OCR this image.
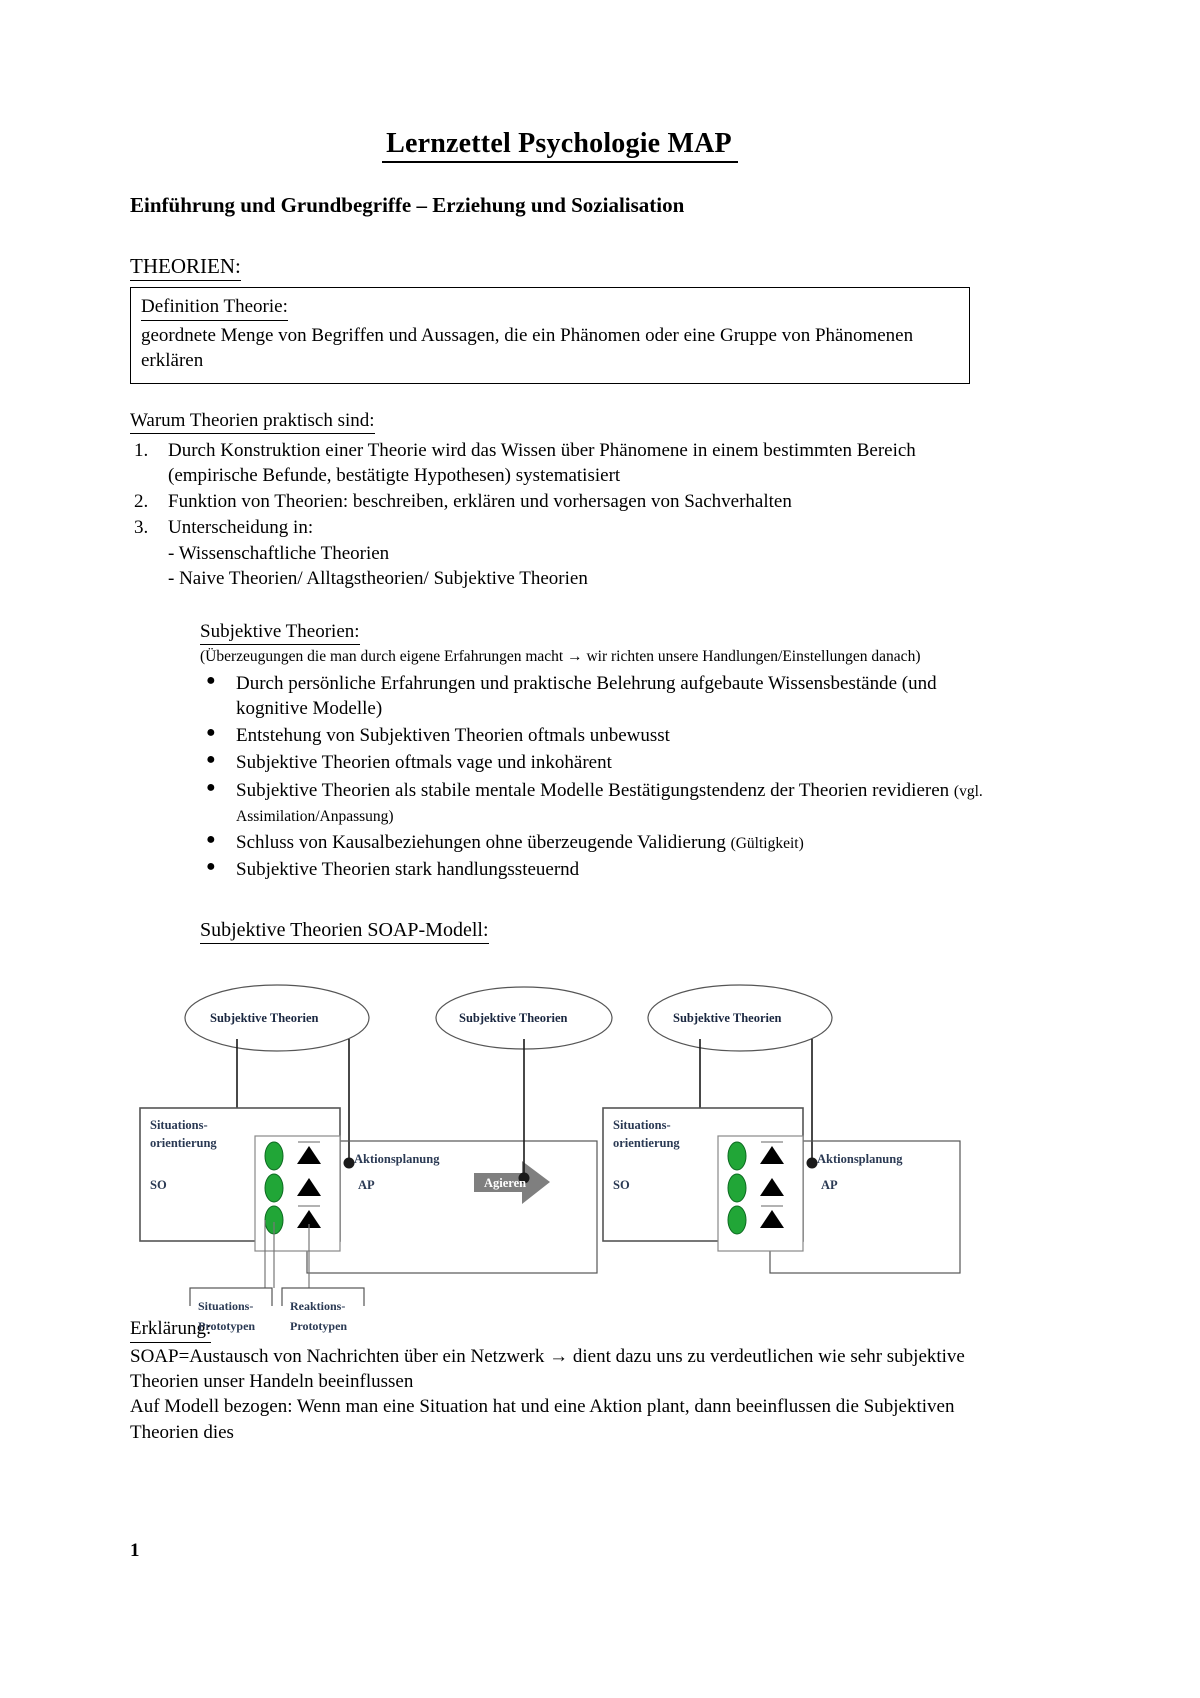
Lernzettel Psychologie MAP
Einführung und Grundbegriffe – Erziehung und Sozialisation
THEORIEN:
Definition Theorie:
geordnete Menge von Begriffen und Aussagen, die ein Phänomen oder eine Gruppe von Phänomenen erklären
Warum Theorien praktisch sind:
1. Durch Konstruktion einer Theorie wird das Wissen über Phänomene in einem bestimmten Bereich (empirische Befunde, bestätigte Hypothesen) systematisiert
2. Funktion von Theorien: beschreiben, erklären und vorhersagen von Sachverhalten
3. Unterscheidung in:
- Wissenschaftliche Theorien
- Naive Theorien/ Alltagstheorien/ Subjektive Theorien
Subjektive Theorien:
(Überzeugungen die man durch eigene Erfahrungen macht → wir richten unsere Handlungen/Einstellungen danach)
● Durch persönliche Erfahrungen und praktische Belehrung aufgebaute Wissensbestände (und kognitive Modelle)
● Entstehung von Subjektiven Theorien oftmals unbewusst
● Subjektive Theorien oftmals vage und inkohärent
● Subjektive Theorien als stabile mentale Modelle Bestätigungstendenz der Theorien revidieren (vgl. Assimilation/Anpassung)
● Schluss von Kausalbeziehungen ohne überzeugende Validierung (Gültigkeit)
● Subjektive Theorien stark handlungssteuernd
Subjektive Theorien SOAP-Modell:
Subjektive Theorien	Subjektive Theorien	Subjektive Theorien
Situations-
orientierung
SO
Aktionsplanung
AP	Agieren
Situations-
orientierung
SO
Aktionsplanung
AP
Situations-
Prototypen
Reaktions-
Prototypen
Erklärung:
SOAP=Austausch von Nachrichten über ein Netzwerk → dient dazu uns zu verdeutlichen wie sehr subjektive Theorien unser Handeln beeinflussen
Auf Modell bezogen: Wenn man eine Situation hat und eine Aktion plant, dann beeinflussen die Subjektiven Theorien dies
1
